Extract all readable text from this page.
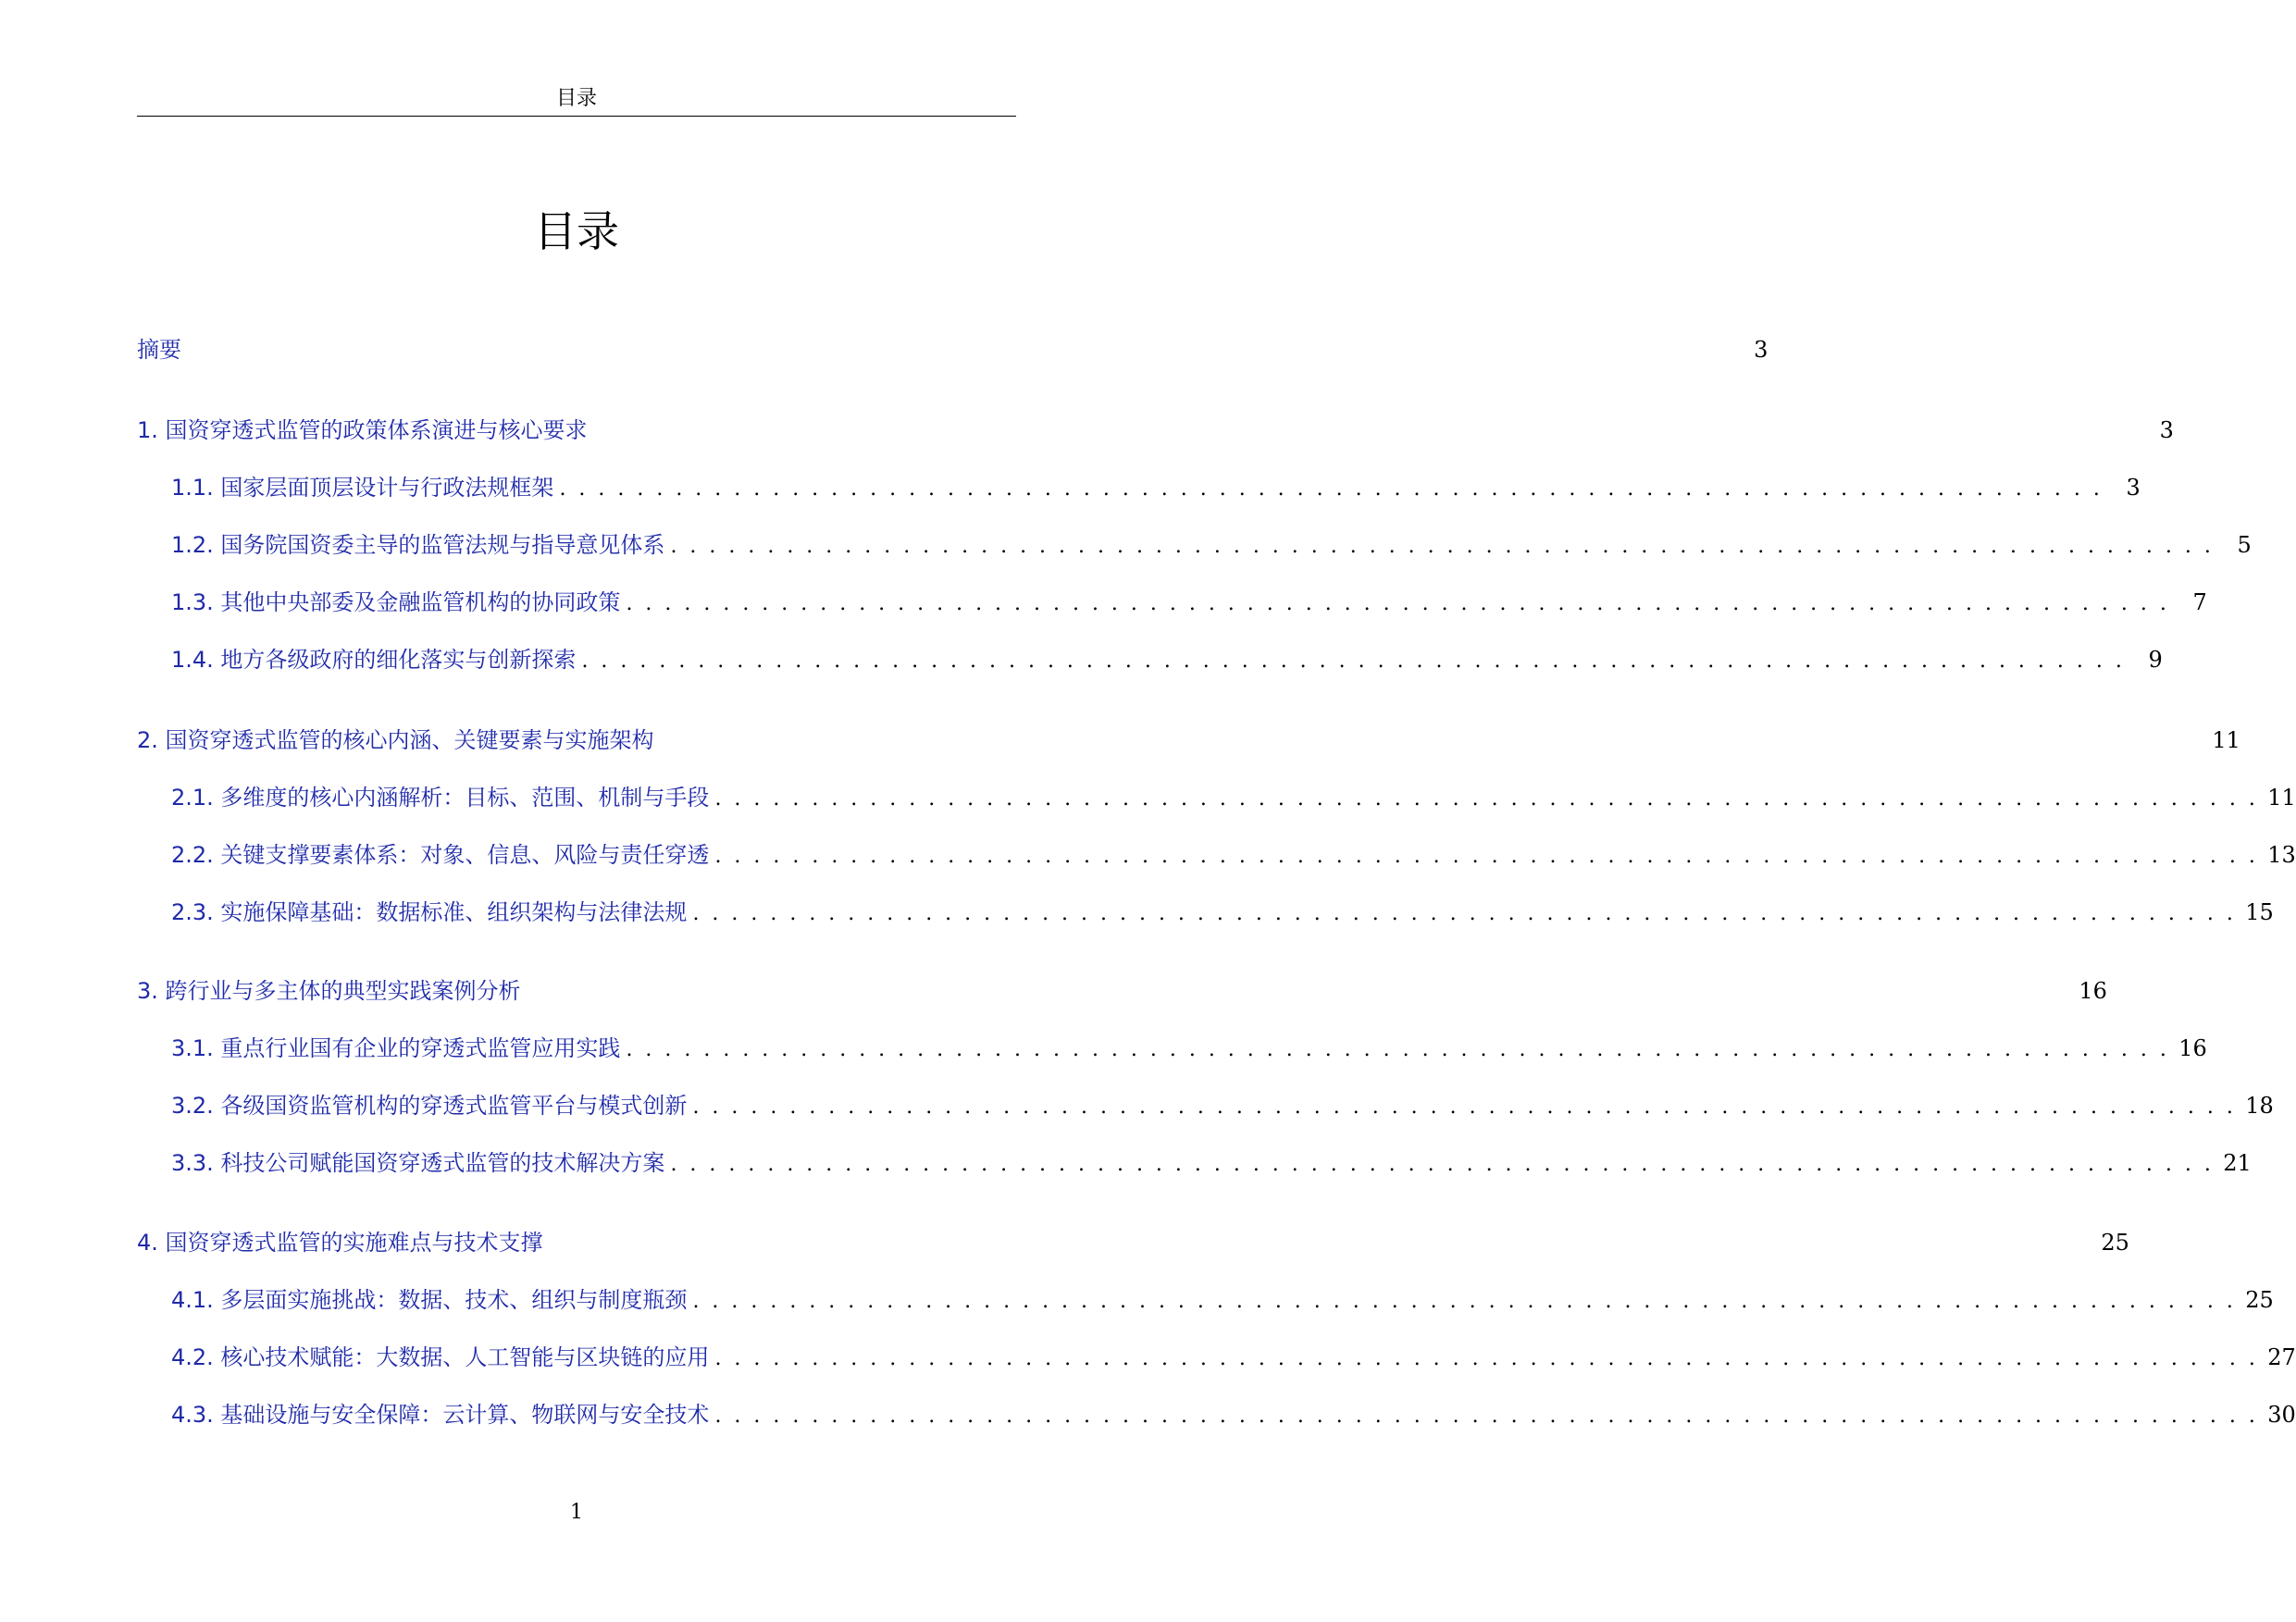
目录
目录
摘要	3
1. 国资穿透式监管的政策体系演进与核心要求	3
1.1. 国家层面顶层设计与行政法规框架 .  .  .  .  .  .  .  .  .  .  .  .  .  .  .  .  .  .  .  .  .  .  .  .  .  .  .  .  .  .  .  .  .  .  .  .  .  .  .  .  .  .  .  .  .  .  .  .  .  .  .  .  .  .  .  .  .  .  .  .  .  .  .  .  .  .  .  .  .  .  .  .  .  .  .  .  .  .  .  .	3
1.2. 国务院国资委主导的监管法规与指导意见体系 .  .  .  .  .  .  .  .  .  .  .  .  .  .  .  .  .  .  .  .  .  .  .  .  .  .  .  .  .  .  .  .  .  .  .  .  .  .  .  .  .  .  .  .  .  .  .  .  .  .  .  .  .  .  .  .  .  .  .  .  .  .  .  .  .  .  .  .  .  .  .  .  .  .  .  .  .  .  .  .	5
1.3. 其他中央部委及金融监管机构的协同政策 .  .  .  .  .  .  .  .  .  .  .  .  .  .  .  .  .  .  .  .  .  .  .  .  .  .  .  .  .  .  .  .  .  .  .  .  .  .  .  .  .  .  .  .  .  .  .  .  .  .  .  .  .  .  .  .  .  .  .  .  .  .  .  .  .  .  .  .  .  .  .  .  .  .  .  .  .  .  .  .	7
1.4. 地方各级政府的细化落实与创新探索 .  .  .  .  .  .  .  .  .  .  .  .  .  .  .  .  .  .  .  .  .  .  .  .  .  .  .  .  .  .  .  .  .  .  .  .  .  .  .  .  .  .  .  .  .  .  .  .  .  .  .  .  .  .  .  .  .  .  .  .  .  .  .  .  .  .  .  .  .  .  .  .  .  .  .  .  .  .  .  .	9
2. 国资穿透式监管的核心内涵、关键要素与实施架构	11
2.1. 多维度的核心内涵解析：目标、范围、机制与手段 .  .  .  .  .  .  .  .  .  .  .  .  .  .  .  .  .  .  .  .  .  .  .  .  .  .  .  .  .  .  .  .  .  .  .  .  .  .  .  .  .  .  .  .  .  .  .  .  .  .  .  .  .  .  .  .  .  .  .  .  .  .  .  .  .  .  .  .  .  .  .  .  .  .  .  .  .  .  .  . 11
2.2. 关键支撑要素体系：对象、信息、风险与责任穿透 .  .  .  .  .  .  .  .  .  .  .  .  .  .  .  .  .  .  .  .  .  .  .  .  .  .  .  .  .  .  .  .  .  .  .  .  .  .  .  .  .  .  .  .  .  .  .  .  .  .  .  .  .  .  .  .  .  .  .  .  .  .  .  .  .  .  .  .  .  .  .  .  .  .  .  .  .  .  .  . 13
2.3. 实施保障基础：数据标准、组织架构与法律法规 .  .  .  .  .  .  .  .  .  .  .  .  .  .  .  .  .  .  .  .  .  .  .  .  .  .  .  .  .  .  .  .  .  .  .  .  .  .  .  .  .  .  .  .  .  .  .  .  .  .  .  .  .  .  .  .  .  .  .  .  .  .  .  .  .  .  .  .  .  .  .  .  .  .  .  .  .  .  .  . 15
3. 跨行业与多主体的典型实践案例分析	16
3.1. 重点行业国有企业的穿透式监管应用实践 .  .  .  .  .  .  .  .  .  .  .  .  .  .  .  .  .  .  .  .  .  .  .  .  .  .  .  .  .  .  .  .  .  .  .  .  .  .  .  .  .  .  .  .  .  .  .  .  .  .  .  .  .  .  .  .  .  .  .  .  .  .  .  .  .  .  .  .  .  .  .  .  .  .  .  .  .  .  .  . 16
3.2. 各级国资监管机构的穿透式监管平台与模式创新 .  .  .  .  .  .  .  .  .  .  .  .  .  .  .  .  .  .  .  .  .  .  .  .  .  .  .  .  .  .  .  .  .  .  .  .  .  .  .  .  .  .  .  .  .  .  .  .  .  .  .  .  .  .  .  .  .  .  .  .  .  .  .  .  .  .  .  .  .  .  .  .  .  .  .  .  .  .  .  . 18
3.3. 科技公司赋能国资穿透式监管的技术解决方案 .  .  .  .  .  .  .  .  .  .  .  .  .  .  .  .  .  .  .  .  .  .  .  .  .  .  .  .  .  .  .  .  .  .  .  .  .  .  .  .  .  .  .  .  .  .  .  .  .  .  .  .  .  .  .  .  .  .  .  .  .  .  .  .  .  .  .  .  .  .  .  .  .  .  .  .  .  .  .  . 21
4. 国资穿透式监管的实施难点与技术支撑	25
4.1. 多层面实施挑战：数据、技术、组织与制度瓶颈 .  .  .  .  .  .  .  .  .  .  .  .  .  .  .  .  .  .  .  .  .  .  .  .  .  .  .  .  .  .  .  .  .  .  .  .  .  .  .  .  .  .  .  .  .  .  .  .  .  .  .  .  .  .  .  .  .  .  .  .  .  .  .  .  .  .  .  .  .  .  .  .  .  .  .  .  .  .  .  . 25
4.2. 核心技术赋能：大数据、人工智能与区块链的应用 .  .  .  .  .  .  .  .  .  .  .  .  .  .  .  .  .  .  .  .  .  .  .  .  .  .  .  .  .  .  .  .  .  .  .  .  .  .  .  .  .  .  .  .  .  .  .  .  .  .  .  .  .  .  .  .  .  .  .  .  .  .  .  .  .  .  .  .  .  .  .  .  .  .  .  .  .  .  .  . 27
4.3. 基础设施与安全保障：云计算、物联网与安全技术 .  .  .  .  .  .  .  .  .  .  .  .  .  .  .  .  .  .  .  .  .  .  .  .  .  .  .  .  .  .  .  .  .  .  .  .  .  .  .  .  .  .  .  .  .  .  .  .  .  .  .  .  .  .  .  .  .  .  .  .  .  .  .  .  .  .  .  .  .  .  .  .  .  .  .  .  .  .  .  . 30
1
